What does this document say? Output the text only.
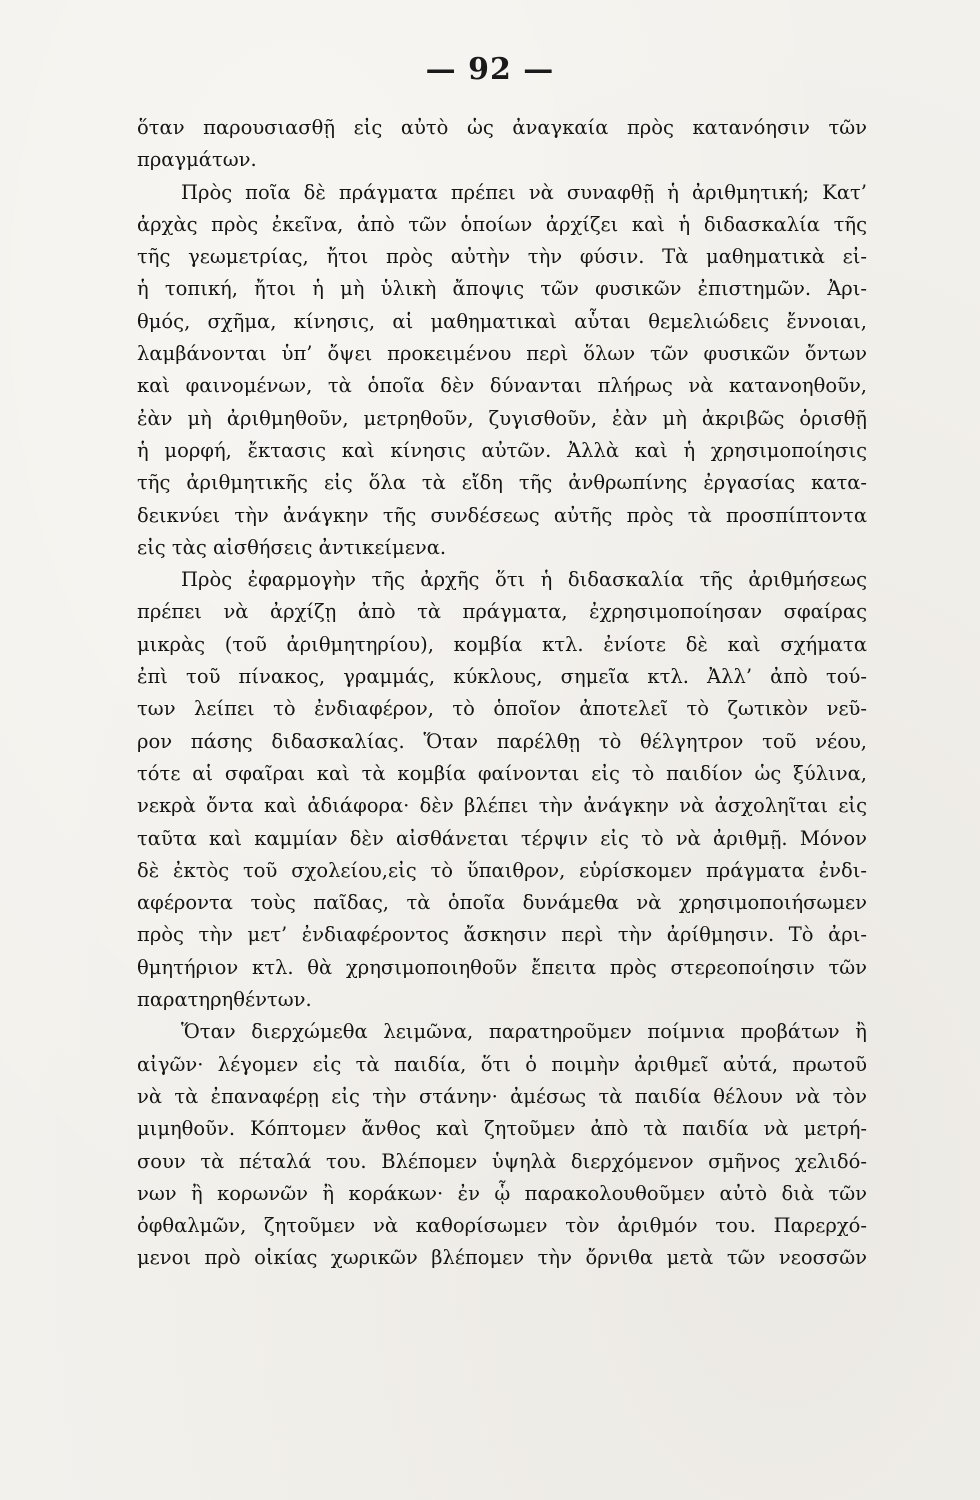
— 92 —
ὅταν παρουσιασθῇ εἰς αὐτὸ ὡς ἀναγκαία πρὸς κατανόησιν τῶν
πραγμάτων.
Πρὸς ποῖα δὲ πράγματα πρέπει νὰ συναφθῇ ἡ ἀριθμητική; Κατ’
ἀρχὰς πρὸς ἐκεῖνα, ἀπὸ τῶν ὁποίων ἀρχίζει καὶ ἡ διδασκαλία τῆς
τῆς γεωμετρίας, ἤτοι πρὸς αὐτὴν τὴν φύσιν. Τὰ μαθηματικὰ εἰ-
ἡ τοπική, ἤτοι ἡ μὴ ὑλικὴ ἄποψις τῶν φυσικῶν ἐπιστημῶν. Ἀρι-
θμός, σχῆμα, κίνησις, αἱ μαθηματικαὶ αὗται θεμελιώδεις ἔννοιαι,
λαμβάνονται ὑπ’ ὄψει προκειμένου περὶ ὅλων τῶν φυσικῶν ὄντων
καὶ φαινομένων, τὰ ὁποῖα δὲν δύνανται πλήρως νὰ κατανοηθοῦν,
ἐὰν μὴ ἀριθμηθοῦν, μετρηθοῦν, ζυγισθοῦν, ἐὰν μὴ ἀκριβῶς ὁρισθῇ
ἡ μορφή, ἔκτασις καὶ κίνησις αὐτῶν. Ἀλλὰ καὶ ἡ χρησιμοποίησις
τῆς ἀριθμητικῆς εἰς ὅλα τὰ εἴδη τῆς ἀνθρωπίνης ἐργασίας κατα-
δεικνύει τὴν ἀνάγκην τῆς συνδέσεως αὐτῆς πρὸς τὰ προσπίπτοντα
εἰς τὰς αἰσθήσεις ἀντικείμενα.
Πρὸς ἐφαρμογὴν τῆς ἀρχῆς ὅτι ἡ διδασκαλία τῆς ἀριθμήσεως
πρέπει νὰ ἀρχίζῃ ἀπὸ τὰ πράγματα, ἐχρησιμοποίησαν σφαίρας
μικρὰς (τοῦ ἀριθμητηρίου), κομβία κτλ. ἐνίοτε δὲ καὶ σχήματα
ἐπὶ τοῦ πίνακος, γραμμάς, κύκλους, σημεῖα κτλ. Ἀλλ’ ἀπὸ τού-
των λείπει τὸ ἐνδιαφέρον, τὸ ὁποῖον ἀποτελεῖ τὸ ζωτικὸν νεῦ-
ρον πάσης διδασκαλίας. Ὅταν παρέλθῃ τὸ θέλγητρον τοῦ νέου,
τότε αἱ σφαῖραι καὶ τὰ κομβία φαίνονται εἰς τὸ παιδίον ὡς ξύλινα,
νεκρὰ ὄντα καὶ ἀδιάφορα· δὲν βλέπει τὴν ἀνάγκην νὰ ἀσχοληῖται εἰς
ταῦτα καὶ καμμίαν δὲν αἰσθάνεται τέρψιν εἰς τὸ νὰ ἀριθμῇ. Μόνον
δὲ ἐκτὸς τοῦ σχολείου,εἰς τὸ ὕπαιθρον, εὑρίσκομεν πράγματα ἐνδι-
αφέροντα τοὺς παῖδας, τὰ ὁποῖα δυνάμεθα νὰ χρησιμοποιήσωμεν
πρὸς τὴν μετ’ ἐνδιαφέροντος ἄσκησιν περὶ τὴν ἀρίθμησιν. Τὸ ἀρι-
θμητήριον κτλ. θὰ χρησιμοποιηθοῦν ἔπειτα πρὸς στερεοποίησιν τῶν
παρατηρηθέντων.
Ὅταν διερχώμεθα λειμῶνα, παρατηροῦμεν ποίμνια προβάτων ἢ
αἰγῶν· λέγομεν εἰς τὰ παιδία, ὅτι ὁ ποιμὴν ἀριθμεῖ αὐτά, πρωτοῦ
νὰ τὰ ἐπαναφέρῃ εἰς τὴν στάνην· ἀμέσως τὰ παιδία θέλουν νὰ τὸν
μιμηθοῦν. Κόπτομεν ἄνθος καὶ ζητοῦμεν ἀπὸ τὰ παιδία νὰ μετρή-
σουν τὰ πέταλά του. Βλέπομεν ὑψηλὰ διερχόμενον σμῆνος χελιδό-
νων ἢ κορωνῶν ἢ κοράκων· ἐν ᾧ παρακολουθοῦμεν αὐτὸ διὰ τῶν
ὀφθαλμῶν, ζητοῦμεν νὰ καθορίσωμεν τὸν ἀριθμόν του. Παρερχό-
μενοι πρὸ οἰκίας χωρικῶν βλέπομεν τὴν ὄρνιθα μετὰ τῶν νεοσσῶν
